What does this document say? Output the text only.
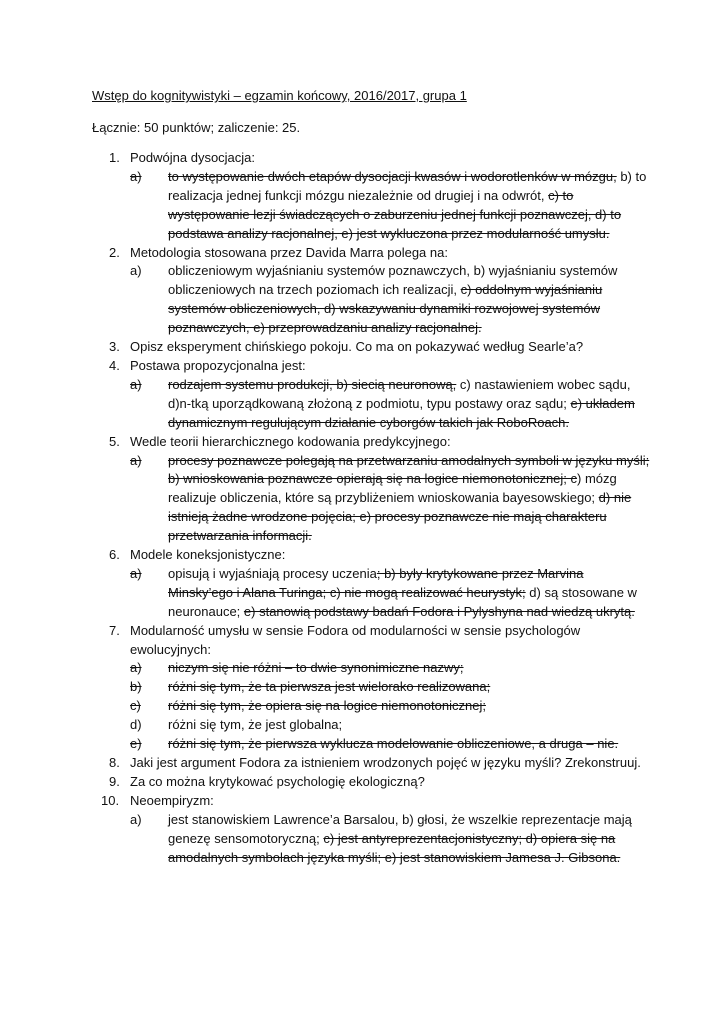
Wstęp do kognitywistyki – egzamin końcowy, 2016/2017, grupa 1
Łącznie: 50 punktów; zaliczenie: 25.
1. Podwójna dysocjacja:
a) to występowanie dwóch etapów dysocjacji kwasów i wodorotlenków w mózgu, b) to realizacja jednej funkcji mózgu niezależnie od drugiej i na odwrót, c) to występowanie lezji świadczących o zaburzeniu jednej funkcji poznawczej, d) to podstawa analizy racjonalnej, e) jest wykluczona przez modularność umysłu.
2. Metodologia stosowana przez Davida Marra polega na:
a) obliczeniowym wyjaśnianiu systemów poznawczych, b) wyjaśnianiu systemów obliczeniowych na trzech poziomach ich realizacji, c) oddolnym wyjaśnianiu systemów obliczeniowych, d) wskazywaniu dynamiki rozwojowej systemów poznawczych, e) przeprowadzaniu analizy racjonalnej.
3. Opisz eksperyment chińskiego pokoju. Co ma on pokazywać według Searle’a?
4. Postawa propozycjonalna jest:
a) rodzajem systemu produkcji, b) siecią neuronową, c) nastawieniem wobec sądu, d)n-tką uporządkowaną złożoną z podmiotu, typu postawy oraz sądu; e) układem dynamicznym regulującym działanie cyborgów takich jak RoboRoach.
5. Wedle teorii hierarchicznego kodowania predykcyjnego:
a) procesy poznawcze polegają na przetwarzaniu amodalnych symboli w języku myśli; b) wnioskowania poznawcze opierają się na logice niemonotonicznej; c) mózg realizuje obliczenia, które są przybliżeniem wnioskowania bayesowskiego; d) nie istnieją żadne wrodzone pojęcia; e) procesy poznawcze nie mają charakteru przetwarzania informacji.
6. Modele koneksjonistyczne:
a) opisują i wyjaśniają procesy uczenia; b) były krytykowane przez Marvina Minsky’ego i Alana Turinga; c) nie mogą realizować heurystyk; d) są stosowane w neuronauce; e) stanowią podstawy badań Fodora i Pylyshyna nad wiedzą ukrytą.
7. Modularność umysłu w sensie Fodora od modularności w sensie psychologów ewolucyjnych:
a) niczym się nie różni – to dwie synonimiczne nazwy;
b) różni się tym, że ta pierwsza jest wielorako realizowana;
c) różni się tym, że opiera się na logice niemonotonicznej;
d) różni się tym, że jest globalna;
e) różni się tym, że pierwsza wyklucza modelowanie obliczeniowe, a druga – nie.
8. Jaki jest argument Fodora za istnieniem wrodzonych pojęć w języku myśli? Zrekonstruuj.
9. Za co można krytykować psychologię ekologiczną?
10. Neoempiryzm:
a) jest stanowiskiem Lawrence’a Barsalou, b) głosi, że wszelkie reprezentacje mają genezę sensomotoryczną; c) jest antyreprezentacjonistyczny; d) opiera się na amodalnych symbolach języka myśli; e) jest stanowiskiem Jamesa J. Gibsona.
